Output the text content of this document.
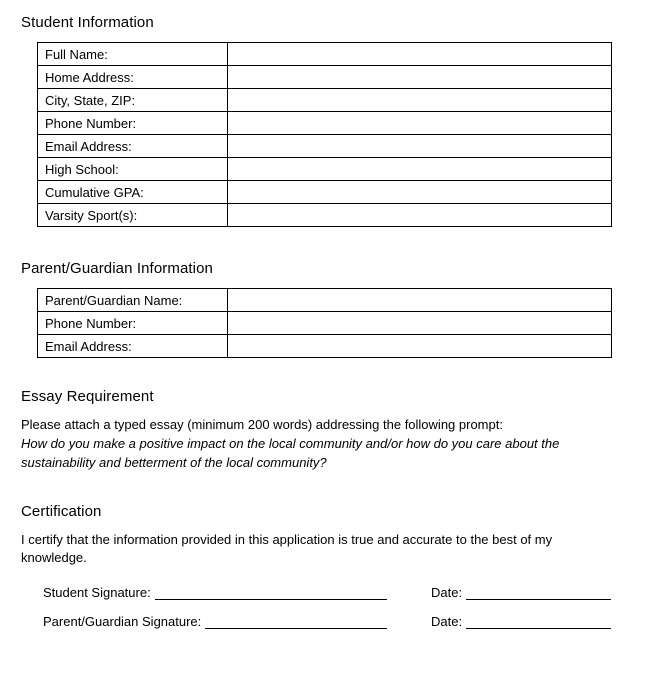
Student Information
Full Name:	
Home Address:	
City, State, ZIP:	
Phone Number:	
Email Address:	
High School:	
Cumulative GPA:	
Varsity Sport(s):	
Parent/Guardian Information
Parent/Guardian Name:	
Phone Number:	
Email Address:	
Essay Requirement

Please attach a typed essay (minimum 200 words) addressing the following prompt:
How do you make a positive impact on the local community and/or how do you care about the sustainability and betterment of the local community?

Certification

I certify that the information provided in this application is true and accurate to the best of my knowledge.

Student Signature:	Date:
Parent/Guardian Signature:	Date:
